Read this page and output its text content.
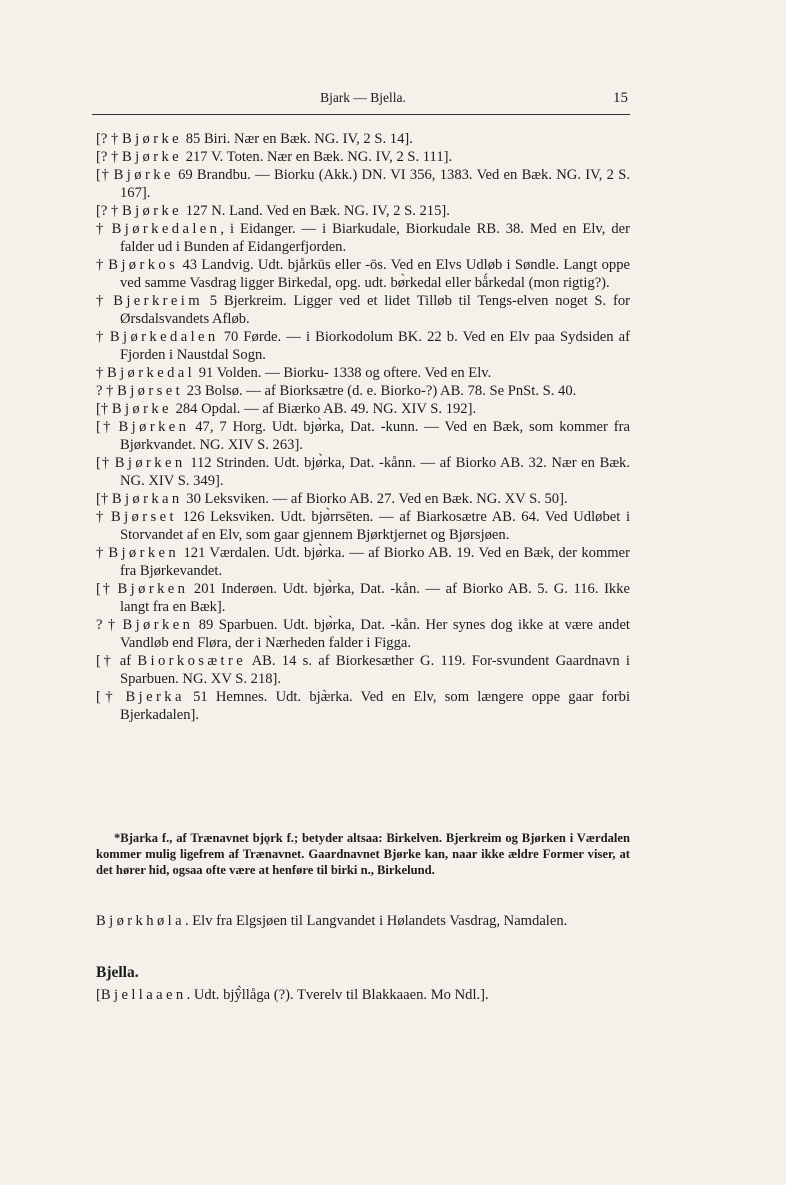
Bjark — Bjella.	15
[? † Bjørke 85 Biri. Nær en Bæk. NG. IV, 2 S. 14].
[? † Bjørke 217 V. Toten. Nær en Bæk. NG. IV, 2 S. 111].
[† Bjørke 69 Brandbu. — Biorku (Akk.) DN. VI 356, 1383. Ved en Bæk. NG. IV, 2 S. 167].
[? † Bjørke 127 N. Land. Ved en Bæk. NG. IV, 2 S. 215].
† Bjørkedalen, i Eidanger. — i Biarkudale, Biorkudale RB. 38. Med en Elv, der falder ud i Bunden af Eidangerfjorden.
† Bjørkos 43 Landvig. Udt. bjårkūs eller -ōs. Ved en Elvs Udløb i Søndle. Langt oppe ved samme Vasdrag ligger Birkedal, opg. udt. bø̀rkedal eller bǻrkedal (mon rigtig?).
† Bjerkreim 5 Bjerkreim. Ligger ved et lidet Tilløb til Tengs-elven noget S. for Ørsdalsvandets Afløb.
† Bjørkedalen 70 Førde. — i Biorkodolum BK. 22 b. Ved en Elv paa Sydsiden af Fjorden i Naustdal Sogn.
† Bjørkedal 91 Volden. — Biorku- 1338 og oftere. Ved en Elv.
? † Bjørset 23 Bolsø. — af Biorksætre (d. e. Biorko-?) AB. 78. Se PnSt. S. 40.
[† Bjørke 284 Opdal. — af Biærko AB. 49. NG. XIV S. 192].
[† Bjørken 47, 7 Horg. Udt. bjø̀rka, Dat. -kunn. — Ved en Bæk, som kommer fra Bjørkvandet. NG. XIV S. 263].
[† Bjørken 112 Strinden. Udt. bjø̀rka, Dat. -kånn. — af Biorko AB. 32. Nær en Bæk. NG. XIV S. 349].
[† Bjørkan 30 Leksviken. — af Biorko AB. 27. Ved en Bæk. NG. XV S. 50].
† Bjørset 126 Leksviken. Udt. bjø̀rrsēten. — af Biarkosætre AB. 64. Ved Udløbet i Storvandet af en Elv, som gaar gjennem Bjørktjernet og Bjørsjøen.
† Bjørken 121 Værdalen. Udt. bjø̀rka. — af Biorko AB. 19. Ved en Bæk, der kommer fra Bjørkevandet.
[† Bjørken 201 Inderøen. Udt. bjø̀rka, Dat. -kån. — af Biorko AB. 5. G. 116. Ikke langt fra en Bæk].
? † Bjørken 89 Sparbuen. Udt. bjø̀rka, Dat. -kån. Her synes dog ikke at være andet Vandløb end Fløra, der i Nærheden falder i Figga.
[† af Biorkosætre AB. 14 s. af Biorkesæther G. 119. For-svundent Gaardnavn i Sparbuen. NG. XV S. 218].
[† Bjerka 51 Hemnes. Udt. bjæ̀rka. Ved en Elv, som længere oppe gaar forbi Bjerkadalen].
*Bjarka f., af Trænavnet bjǫrk f.; betyder altsaa: Birkelven. Bjerkreim og Bjørken i Værdalen kommer mulig ligefrem af Trænavnet. Gaardnavnet Bjørke kan, naar ikke ældre Former viser, at det hører hid, ogsaa ofte være at henføre til birki n., Birkelund.
Bjørkhøla. Elv fra Elgsjøen til Langvandet i Hølandets Vasdrag, Namdalen.
Bjella.
[Bjellaaen. Udt. bjŷ̀llåga (?). Tverelv til Blakkaaen. Mo Ndl.].
